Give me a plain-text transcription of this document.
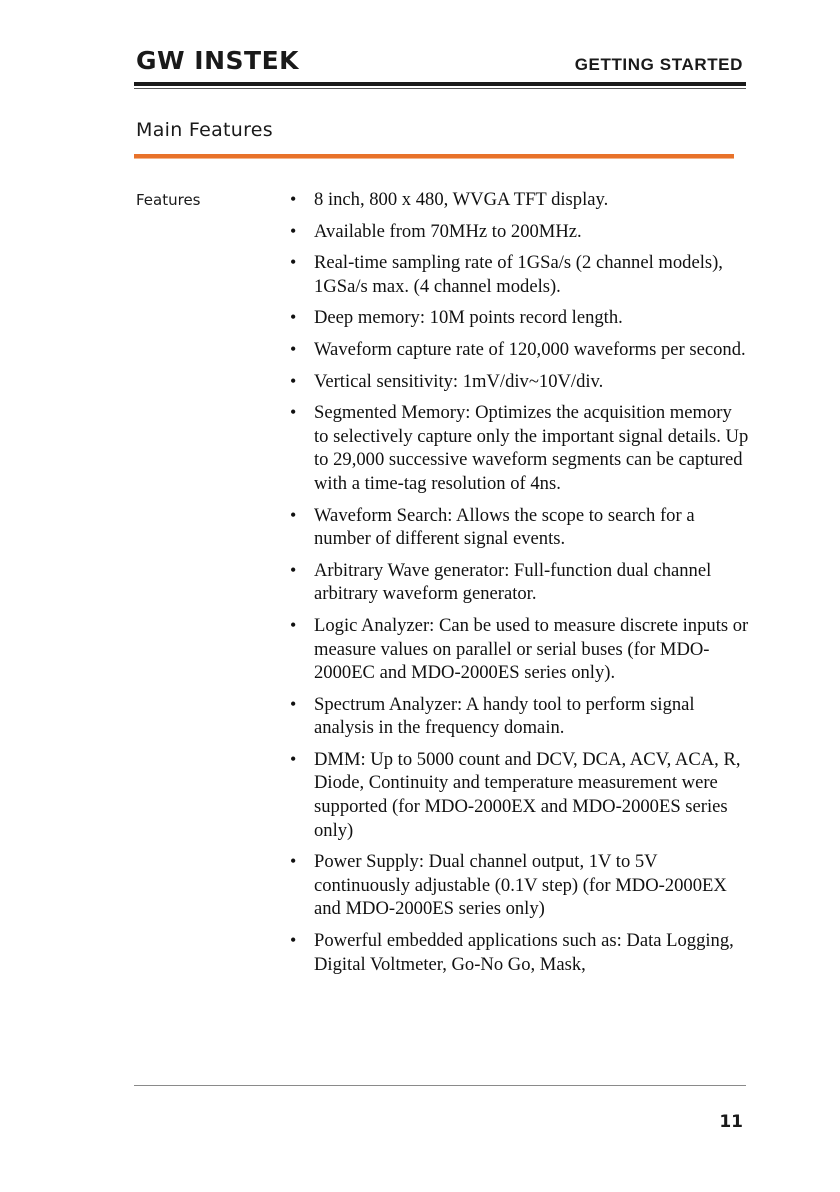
GW INSTEK	GETTING STARTED
Main Features
Features	• 8 inch, 800 x 480, WVGA TFT display.
• Available from 70MHz to 200MHz.
• Real-time sampling rate of 1GSa/s (2 channel models), 1GSa/s max. (4 channel models).
• Deep memory: 10M points record length.
• Waveform capture rate of 120,000 waveforms per second.
• Vertical sensitivity: 1mV/div~10V/div.
• Segmented Memory: Optimizes the acquisition memory to selectively capture only the important signal details. Up to 29,000 successive waveform segments can be captured with a time-tag resolution of 4ns.
• Waveform Search: Allows the scope to search for a number of different signal events.
• Arbitrary Wave generator: Full-function dual channel arbitrary waveform generator.
• Logic Analyzer: Can be used to measure discrete inputs or measure values on parallel or serial buses (for MDO-2000EC and MDO-2000ES series only).
• Spectrum Analyzer: A handy tool to perform signal analysis in the frequency domain.
• DMM: Up to 5000 count and DCV, DCA, ACV, ACA, R, Diode, Continuity and temperature measurement were supported (for MDO-2000EX and MDO-2000ES series only)
• Power Supply: Dual channel output, 1V to 5V continuously adjustable (0.1V step) (for MDO-2000EX and MDO-2000ES series only)
• Powerful embedded applications such as: Data Logging, Digital Voltmeter, Go-No Go, Mask,
11
